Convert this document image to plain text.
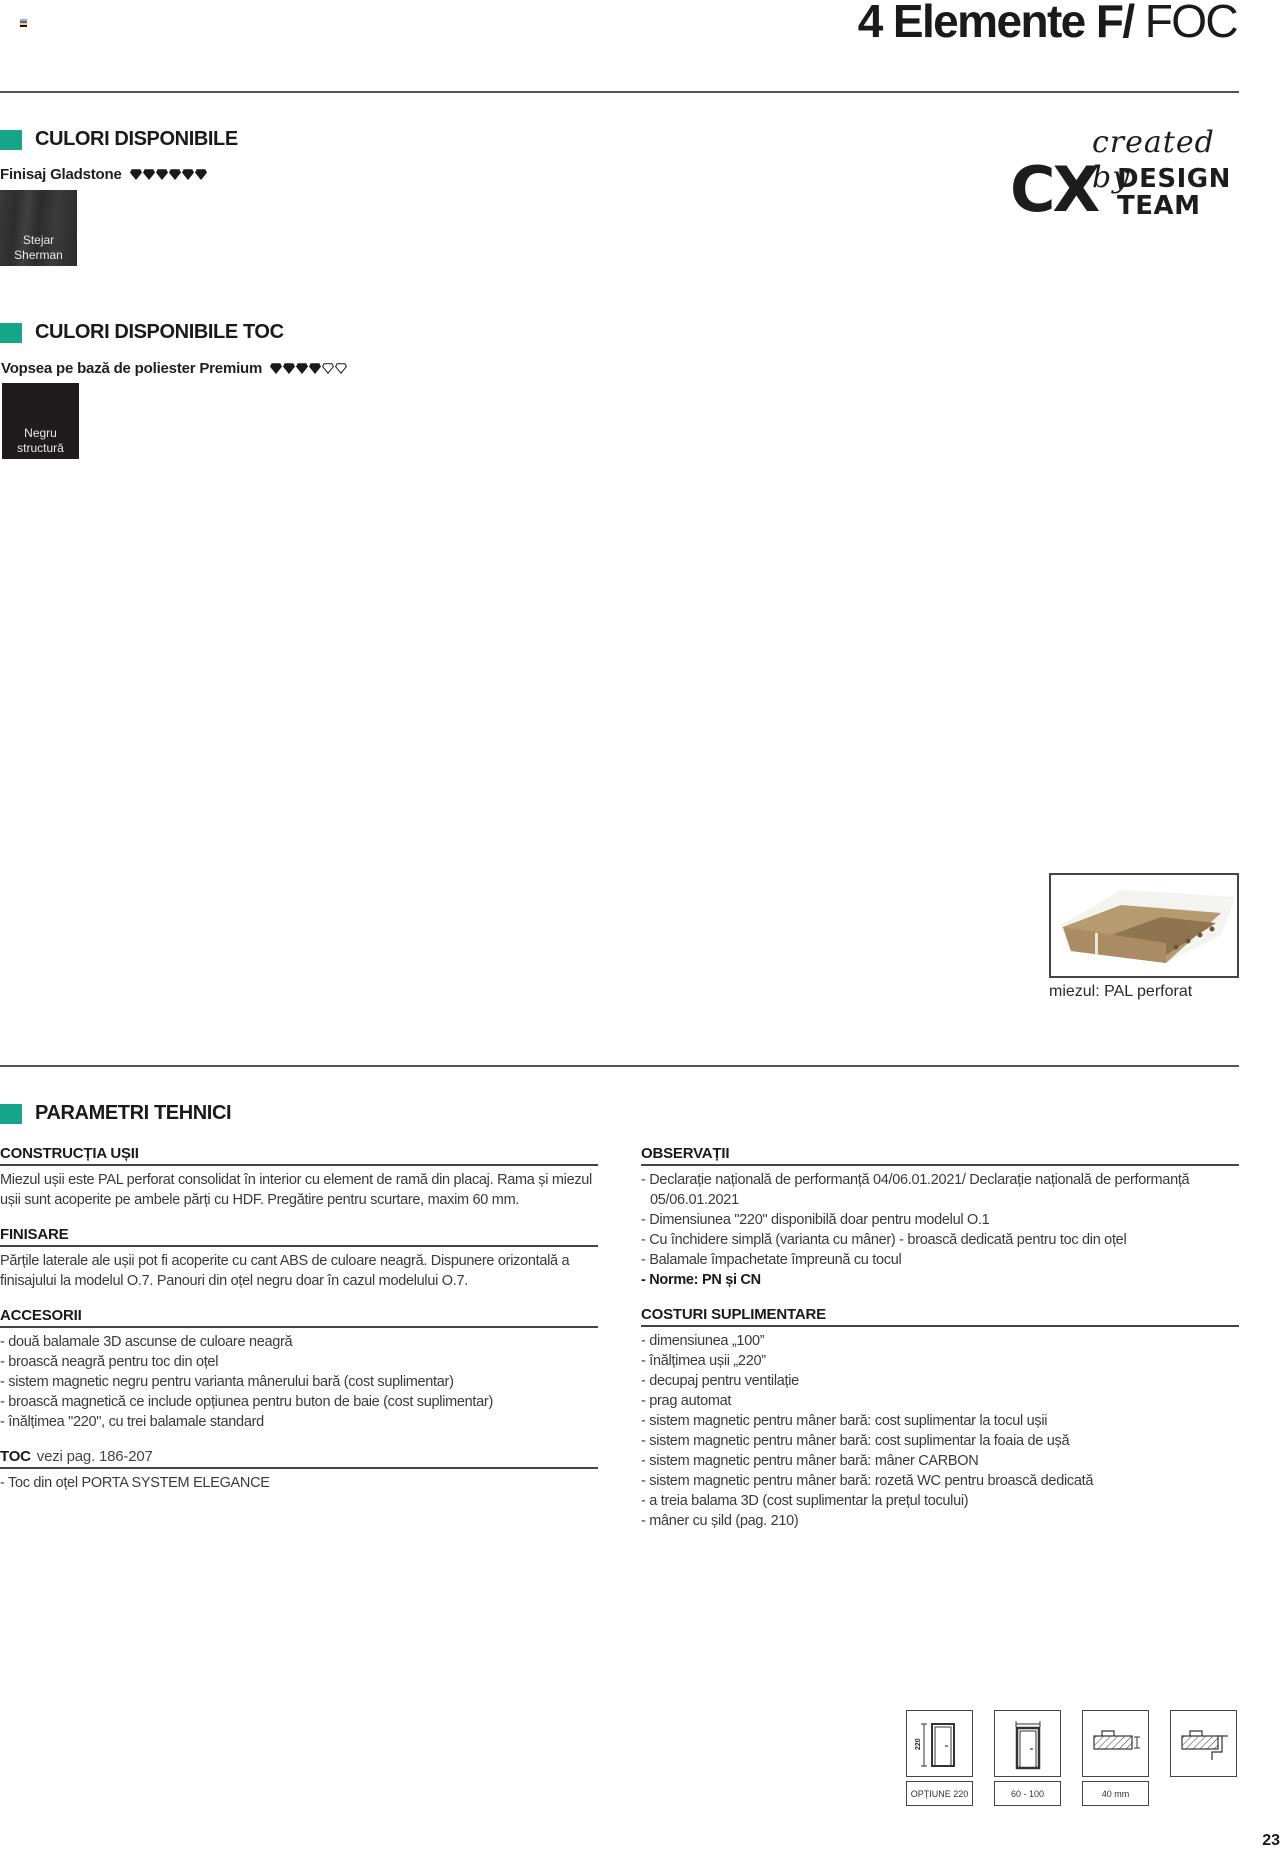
4 Elemente F/ FOC
CULORI DISPONIBILE
Finisaj Gladstone
Stejar
Sherman
CULORI DISPONIBILE TOC
Vopsea pe bază de poliester Premium
Negru
structură
created by
CX DESIGN
TEAM
miezul: PAL perforat
PARAMETRI TEHNICI
CONSTRUCȚIA UȘII
Miezul ușii este PAL perforat consolidat în interior cu element de ramă din placaj. Rama și miezul ușii sunt acoperite pe ambele părți cu HDF. Pregătire pentru scurtare, maxim 60 mm.
FINISARE
Părțile laterale ale ușii pot fi acoperite cu cant ABS de culoare neagră. Dispunere orizontală a finisajului la modelul O.7. Panouri din oțel negru doar în cazul modelului O.7.
ACCESORII
- două balamale 3D ascunse de culoare neagră
- broască neagră pentru toc din oțel
- sistem magnetic negru pentru varianta mânerului bară (cost suplimentar)
- broască magnetică ce include opțiunea pentru buton de baie (cost suplimentar)
- înălțimea "220", cu trei balamale standard
TOC vezi pag. 186-207
- Toc din oțel PORTA SYSTEM ELEGANCE
OBSERVAȚII
- Declarație națională de performanță 04/06.01.2021/ Declarație națională de performanță 05/06.01.2021
- Dimensiunea "220" disponibilă doar pentru modelul O.1
- Cu închidere simplă (varianta cu mâner) - broască dedicată pentru toc din oțel
- Balamale împachetate împreună cu tocul
- Norme: PN și CN
COSTURI SUPLIMENTARE
- dimensiunea „100”
- înălțimea ușii „220”
- decupaj pentru ventilație
- prag automat
- sistem magnetic pentru mâner bară: cost suplimentar la tocul ușii
- sistem magnetic pentru mâner bară: cost suplimentar la foaia de ușă
- sistem magnetic pentru mâner bară: mâner CARBON
- sistem magnetic pentru mâner bară: rozetă WC pentru broască dedicată
- a treia balama 3D (cost suplimentar la prețul tocului)
- mâner cu șild (pag. 210)
220
OPȚIUNE 220	60 - 100	40 mm
23
